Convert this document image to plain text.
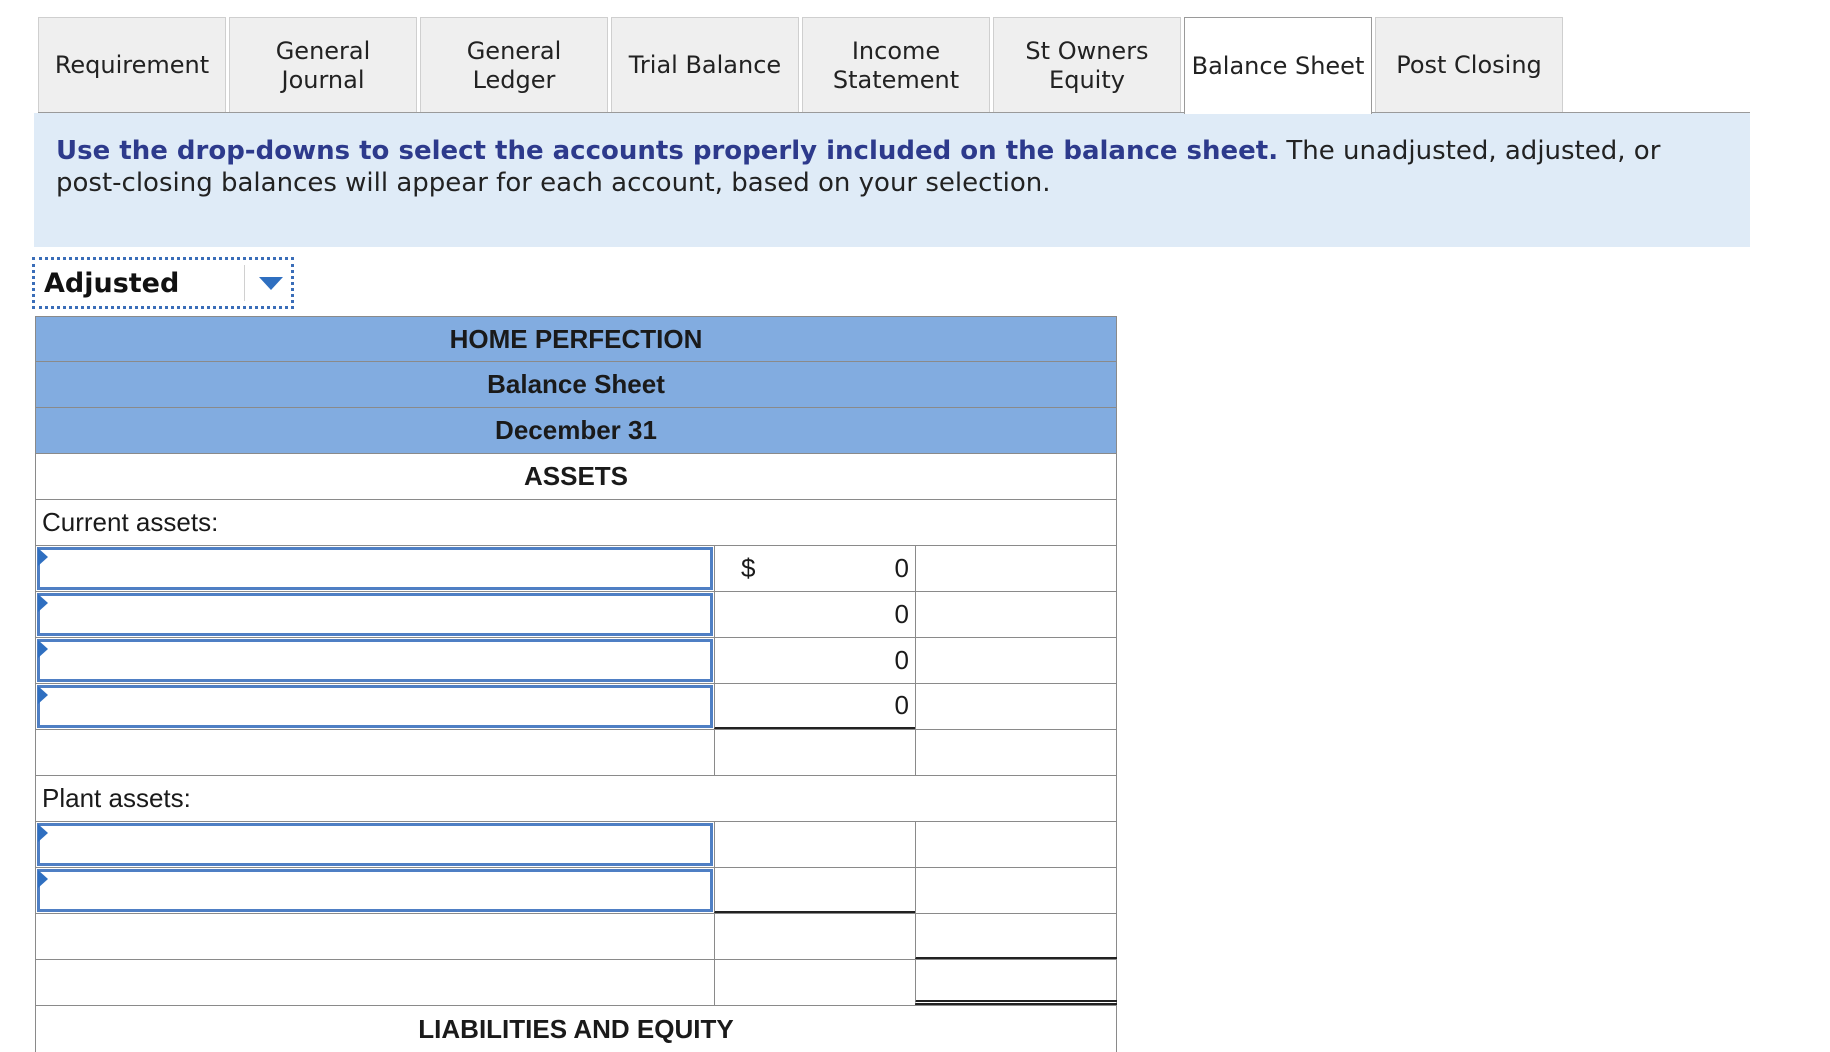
Requirement
General
Journal
General
Ledger
Trial Balance
Income
Statement
St Owners
Equity	Balance Sheet Post Closing
Use the drop-downs to select the accounts properly included on the balance sheet. The unadjusted, adjusted, or post-closing balances will appear for each account, based on your selection.
Adjusted
HOME PERFECTION
Balance Sheet
December 31
ASSETS
Current assets:
$	0
0
0
0
Plant assets:
LIABILITIES AND EQUITY
